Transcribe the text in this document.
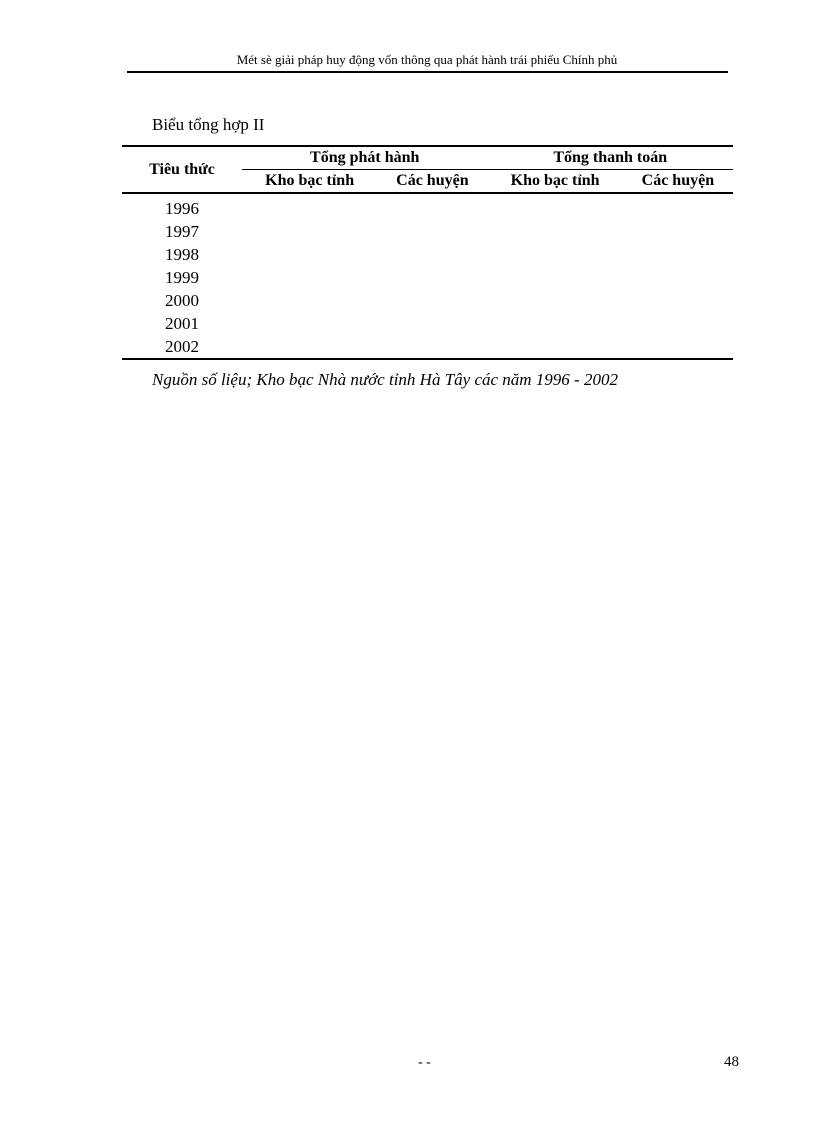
Mét sè giải pháp huy động vốn thông qua phát hành trái phiếu Chính phủ
Biểu tổng hợp II
Tiêu thức	Tổng phát hành		Tổng thanh toán	
	Kho bạc tỉnh	Các huyện	Kho bạc tỉnh	Các huyện
1996				
1997				
1998				
1999				
2000				
2001				
2002				
Nguồn số liệu; Kho bạc Nhà nước tỉnh Hà Tây các năm 1996 - 2002
- -	48
